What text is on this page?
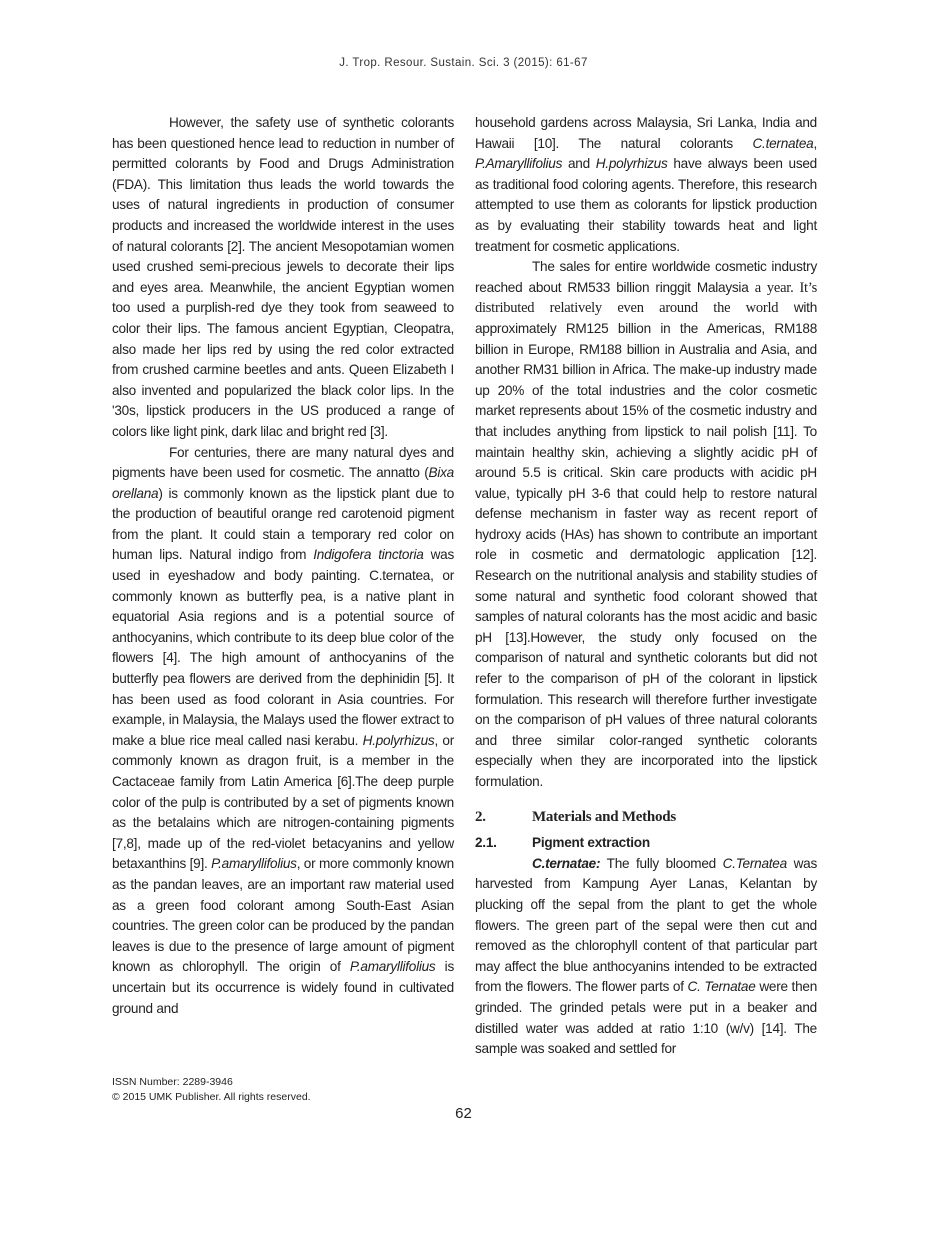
J. Trop. Resour. Sustain. Sci. 3 (2015): 61-67

However, the safety use of synthetic colorants has been questioned hence lead to reduction in number of permitted colorants by Food and Drugs Administration (FDA). This limitation thus leads the world towards the uses of natural ingredients in production of consumer products and increased the worldwide interest in the uses of natural colorants [2]. The ancient Mesopotamian women used crushed semi-precious jewels to decorate their lips and eyes area. Meanwhile, the ancient Egyptian women too used a purplish-red dye they took from seaweed to color their lips. The famous ancient Egyptian, Cleopatra, also made her lips red by using the red color extracted from crushed carmine beetles and ants. Queen Elizabeth I also invented and popularized the black color lips. In the '30s, lipstick producers in the US produced a range of colors like light pink, dark lilac and bright red [3].

For centuries, there are many natural dyes and pigments have been used for cosmetic. The annatto (Bixa orellana) is commonly known as the lipstick plant due to the production of beautiful orange red carotenoid pigment from the plant. It could stain a temporary red color on human lips. Natural indigo from Indigofera tinctoria was used in eyeshadow and body painting. C.ternatea, or commonly known as butterfly pea, is a native plant in equatorial Asia regions and is a potential source of anthocyanins, which contribute to its deep blue color of the flowers [4]. The high amount of anthocyanins of the butterfly pea flowers are derived from the dephinidin [5]. It has been used as food colorant in Asia countries. For example, in Malaysia, the Malays used the flower extract to make a blue rice meal called nasi kerabu. H.polyrhizus, or commonly known as dragon fruit, is a member in the Cactaceae family from Latin America [6].The deep purple color of the pulp is contributed by a set of pigments known as the betalains which are nitrogen-containing pigments [7,8], made up of the red-violet betacyanins and yellow betaxanthins [9]. P.amaryllifolius, or more commonly known as the pandan leaves, are an important raw material used as a green food colorant among South-East Asian countries. The green color can be produced by the pandan leaves is due to the presence of large amount of pigment known as chlorophyll. The origin of P.amaryllifolius is uncertain but its occurrence is widely found in cultivated ground and

household gardens across Malaysia, Sri Lanka, India and Hawaii [10]. The natural colorants C.ternatea, P.Amaryllifolius and H.polyrhizus have always been used as traditional food coloring agents. Therefore, this research attempted to use them as colorants for lipstick production as by evaluating their stability towards heat and light treatment for cosmetic applications.

The sales for entire worldwide cosmetic industry reached about RM533 billion ringgit Malaysia a year. It’s distributed relatively even around the world with approximately RM125 billion in the Americas, RM188 billion in Europe, RM188 billion in Australia and Asia, and another RM31 billion in Africa. The make-up industry made up 20% of the total industries and the color cosmetic market represents about 15% of the cosmetic industry and that includes anything from lipstick to nail polish [11]. To maintain healthy skin, achieving a slightly acidic pH of around 5.5 is critical. Skin care products with acidic pH value, typically pH 3-6 that could help to restore natural defense mechanism in faster way as recent report of hydroxy acids (HAs) has shown to contribute an important role in cosmetic and dermatologic application [12]. Research on the nutritional analysis and stability studies of some natural and synthetic food colorant showed that samples of natural colorants has the most acidic and basic pH [13].However, the study only focused on the comparison of natural and synthetic colorants but did not refer to the comparison of pH of the colorant in lipstick formulation. This research will therefore further investigate on the comparison of pH values of three natural colorants and three similar color-ranged synthetic colorants especially when they are incorporated into the lipstick formulation.

2.	Materials and Methods

2.1.	Pigment extraction

C.ternatae: The fully bloomed C.Ternatea was harvested from Kampung Ayer Lanas, Kelantan by plucking off the sepal from the plant to get the whole flowers. The green part of the sepal were then cut and removed as the chlorophyll content of that particular part may affect the blue anthocyanins intended to be extracted from the flowers. The flower parts of C. Ternatae were then grinded. The grinded petals were put in a beaker and distilled water was added at ratio 1:10 (w/v) [14]. The sample was soaked and settled for

ISSN Number: 2289-3946
© 2015 UMK Publisher. All rights reserved.
62
